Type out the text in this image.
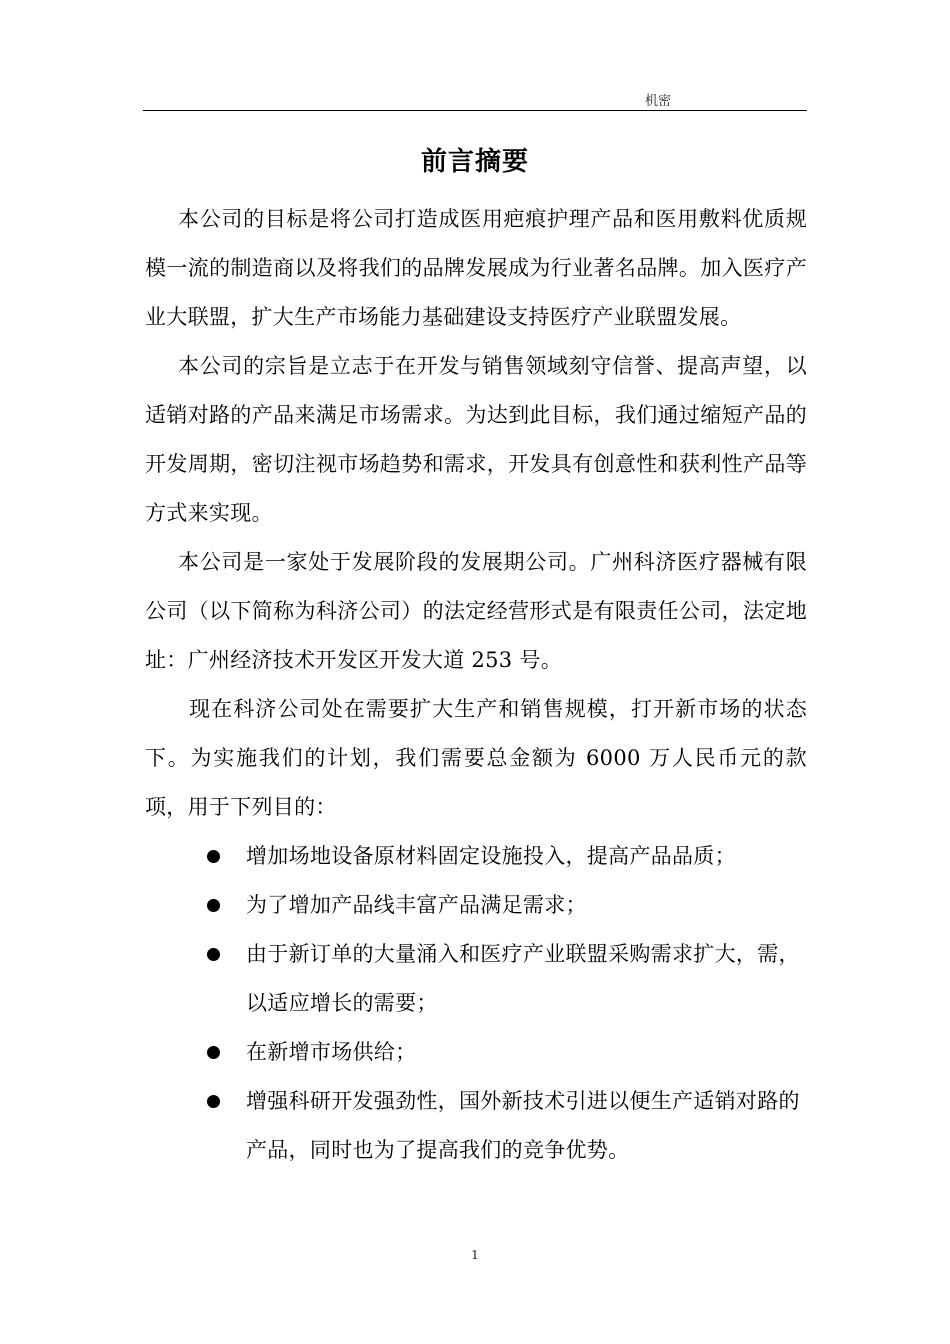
机密
前言摘要

本公司的目标是将公司打造成医用疤痕护理产品和医用敷料优质规模一流的制造商以及将我们的品牌发展成为行业著名品牌。加入医疗产业大联盟，扩大生产市场能力基础建设支持医疗产业联盟发展。

本公司的宗旨是立志于在开发与销售领域刻守信誉、提高声望，以适销对路的产品来满足市场需求。为达到此目标，我们通过缩短产品的开发周期，密切注视市场趋势和需求，开发具有创意性和获利性产品等方式来实现。

本公司是一家处于发展阶段的发展期公司。广州科济医疗器械有限公司（以下简称为科济公司）的法定经营形式是有限责任公司，法定地址：广州经济技术开发区开发大道 253 号。

现在科济公司处在需要扩大生产和销售规模，打开新市场的状态下。为实施我们的计划，我们需要总金额为 6000 万人民币元的款项，用于下列目的：

增加场地设备原材料固定设施投入，提高产品品质；
为了增加产品线丰富产品满足需求；
由于新订单的大量涌入和医疗产业联盟采购需求扩大，需，以适应增长的需要；
在新增市场供给；
增强科研开发强劲性，国外新技术引进以便生产适销对路的产品，同时也为了提高我们的竞争优势。
1
